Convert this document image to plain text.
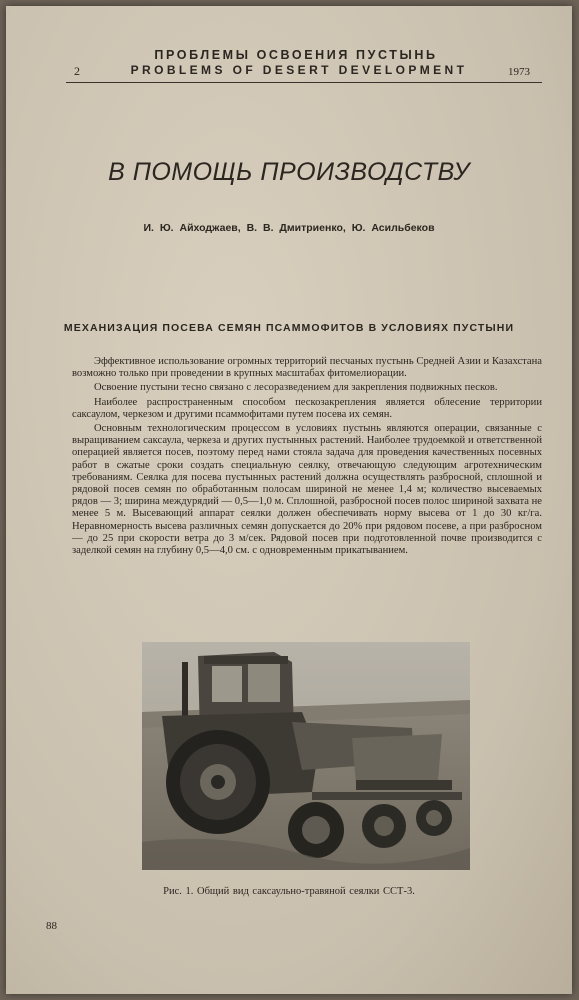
ПРОБЛЕМЫ ОСВОЕНИЯ ПУСТЫНЬ
2	PROBLEMS OF DESERT DEVELOPMENT	1973
В ПОМОЩЬ ПРОИЗВОДСТВУ
И. Ю. Айходжаев, В. В. Дмитриенко, Ю. Асильбеков
МЕХАНИЗАЦИЯ ПОСЕВА СЕМЯН ПСАММОФИТОВ В УСЛОВИЯХ ПУСТЫНИ

Эффективное использование огромных территорий песчаных пустынь Средней Азии и Казахстана возможно только при проведении в крупных масштабах фитомелиорации.

Освоение пустыни тесно связано с лесоразведением для закрепления подвижных песков.

Наиболее распространенным способом пескозакрепления является облесение территории саксаулом, черкезом и другими псаммофитами путем посева их семян.

Основным технологическим процессом в условиях пустынь являются операции, связанные с выращиванием саксаула, черкеза и других пустынных растений. Наиболее трудоемкой и ответственной операцией является посев, поэтому перед нами стояла задача для проведения качественных посевных работ в сжатые сроки создать специальную сеялку, отвечающую следующим агротехническим требованиям. Сеялка для посева пустынных растений должна осуществлять разбросной, сплошной и рядовой посев семян по обработанным полосам шириной не менее 1,4 м; количество высеваемых рядов — 3; ширина междурядий — 0,5—1,0 м. Сплошной, разбросной посев полос шириной захвата не менее 5 м. Высевающий аппарат сеялки должен обеспечивать норму высева от 1 до 30 кг/га. Неравномерность высева различных семян допускается до 20% при рядовом посеве, а при разбросном — до 25 при скорости ветра до 3 м/сек. Рядовой посев при подготовленной почве производится с заделкой семян на глубину 0,5—4,0 см. с одновременным прикатыванием.

Рис. 1. Общий вид саксаульно-травяной сеялки ССТ-3.
88
